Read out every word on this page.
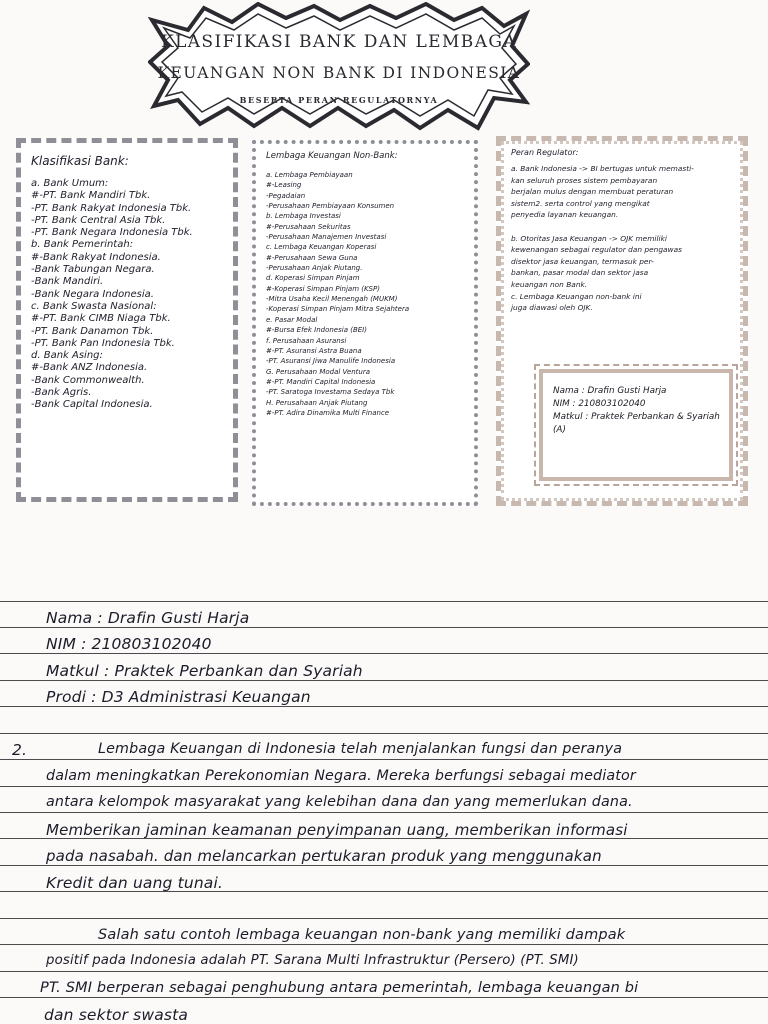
KLASIFIKASI BANK DAN LEMBAGA
KEUANGAN NON BANK DI INDONESIA
BESERTA PERAN REGULATORNYA
Klasifikasi Bank:
a. Bank Umum:
#-PT. Bank Mandiri Tbk.
-PT. Bank Rakyat Indonesia Tbk.
-PT. Bank Central Asia Tbk.
-PT. Bank Negara Indonesia Tbk.
b. Bank Pemerintah:
#-Bank Rakyat Indonesia.
-Bank Tabungan Negara.
-Bank Mandiri.
-Bank Negara Indonesia.
c. Bank Swasta Nasional:
#-PT. Bank CIMB Niaga Tbk.
-PT. Bank Danamon Tbk.
-PT. Bank Pan Indonesia Tbk.
d. Bank Asing:
#-Bank ANZ Indonesia.
-Bank Commonwealth.
-Bank Agris.
-Bank Capital Indonesia.
Lembaga Keuangan Non-Bank:
a. Lembaga Pembiayaan
#-Leasing
-Pegadaian
-Perusahaan Pembiayaan Konsumen
b. Lembaga Investasi
#-Perusahaan Sekuritas
-Perusahaan Manajemen Investasi
c. Lembaga Keuangan Koperasi
#-Perusahaan Sewa Guna
-Perusahaan Anjak Piutang.
d. Koperasi Simpan Pinjam
#-Koperasi Simpan Pinjam (KSP)
-Mitra Usaha Kecil Menengah (MUKM)
-Koperasi Simpan Pinjam Mitra Sejahtera
e. Pasar Modal
#-Bursa Efek Indonesia (BEI)
f. Perusahaan Asuransi
#-PT. Asuransi Astra Buana
-PT. Asuransi Jiwa Manulife Indonesia
G. Perusahaan Modal Ventura
#-PT. Mandiri Capital Indonesia
-PT. Saratoga Investama Sedaya Tbk
H. Perusahaan Anjak Piutang
#-PT. Adira Dinamika Multi Finance
Peran Regulator:
a. Bank Indonesia -> BI bertugas untuk memasti-
kan seluruh proses sistem pembayaran
berjalan mulus dengan membuat peraturan
sistem2. serta control yang mengikat
penyedia layanan keuangan.
b. Otoritas Jasa Keuangan -> OJK memiliki
kewenangan sebagai regulator dan pengawas
disektor jasa keuangan, termasuk per-
bankan, pasar modal dan sektor jasa
keuangan non Bank.
c. Lembaga Keuangan non-bank ini
juga diawasi oleh OJK.
Nama : Drafin Gusti Harja
NIM : 210803102040
Matkul : Praktek Perbankan & Syariah
(A)
Nama : Drafin Gusti Harja
NIM : 210803102040
Matkul : Praktek Perbankan dan Syariah
Prodi : D3 Administrasi Keuangan
2.	Lembaga Keuangan di Indonesia telah menjalankan fungsi dan peranya
dalam meningkatkan Perekonomian Negara. Mereka berfungsi sebagai mediator
antara kelompok masyarakat yang kelebihan dana dan yang memerlukan dana.
Memberikan jaminan keamanan penyimpanan uang, memberikan informasi
pada nasabah. dan melancarkan pertukaran produk yang menggunakan
Kredit dan uang tunai.
Salah satu contoh lembaga keuangan non-bank yang memiliki dampak
positif pada Indonesia adalah PT. Sarana Multi Infrastruktur (Persero) (PT. SMI)
PT. SMI berperan sebagai penghubung antara pemerintah, lembaga keuangan bi
dan sektor swasta
